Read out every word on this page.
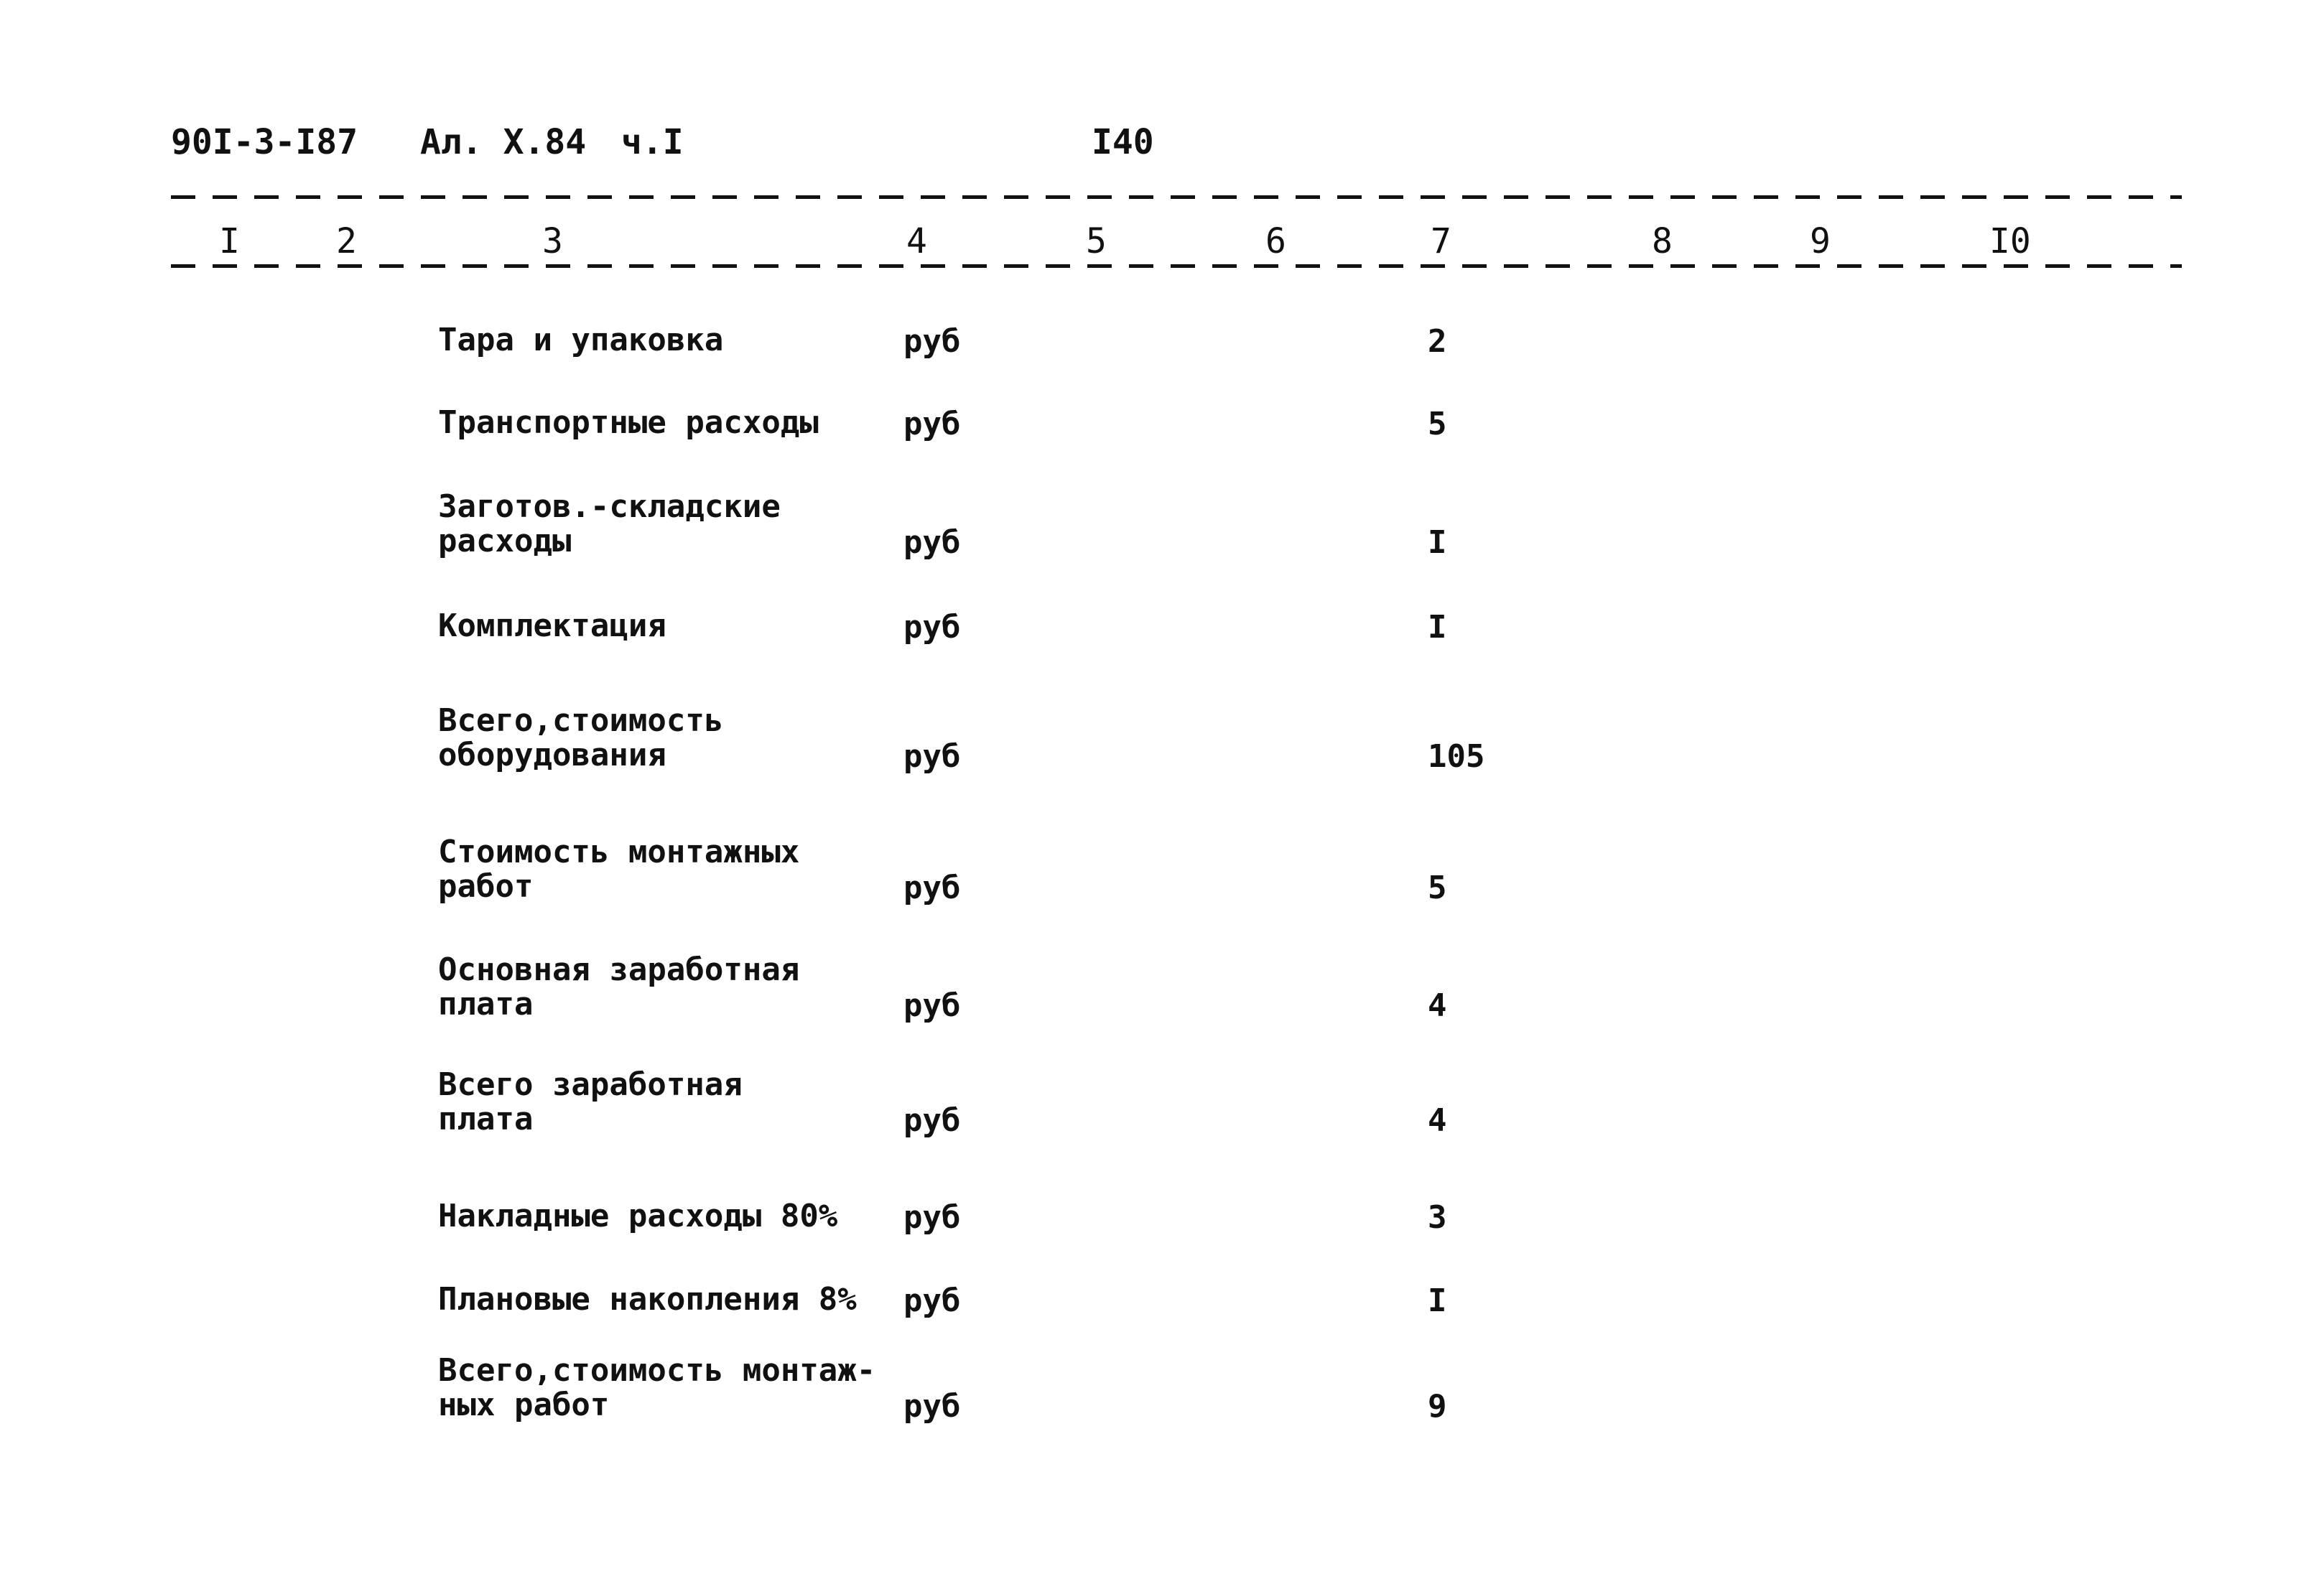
90I-3-I87 Ал. X.84 ч.I	I40
I	2	3	4	5	6	7	8	9	I0
Тара и упаковка	руб	2
Транспортные расходы	руб	5
Заготов.-складские
расходы	руб	I
Комплектация	руб	I
Всего,стоимость
оборудования	руб	105
Стоимость монтажных
работ	руб	5
Основная заработная
плата	руб	4
Всего заработная
плата	руб	4
Накладные расходы 80% руб	3
Плановые накопления 8% руб	I
Всего,стоимость монтаж-
ных работ	руб	9
